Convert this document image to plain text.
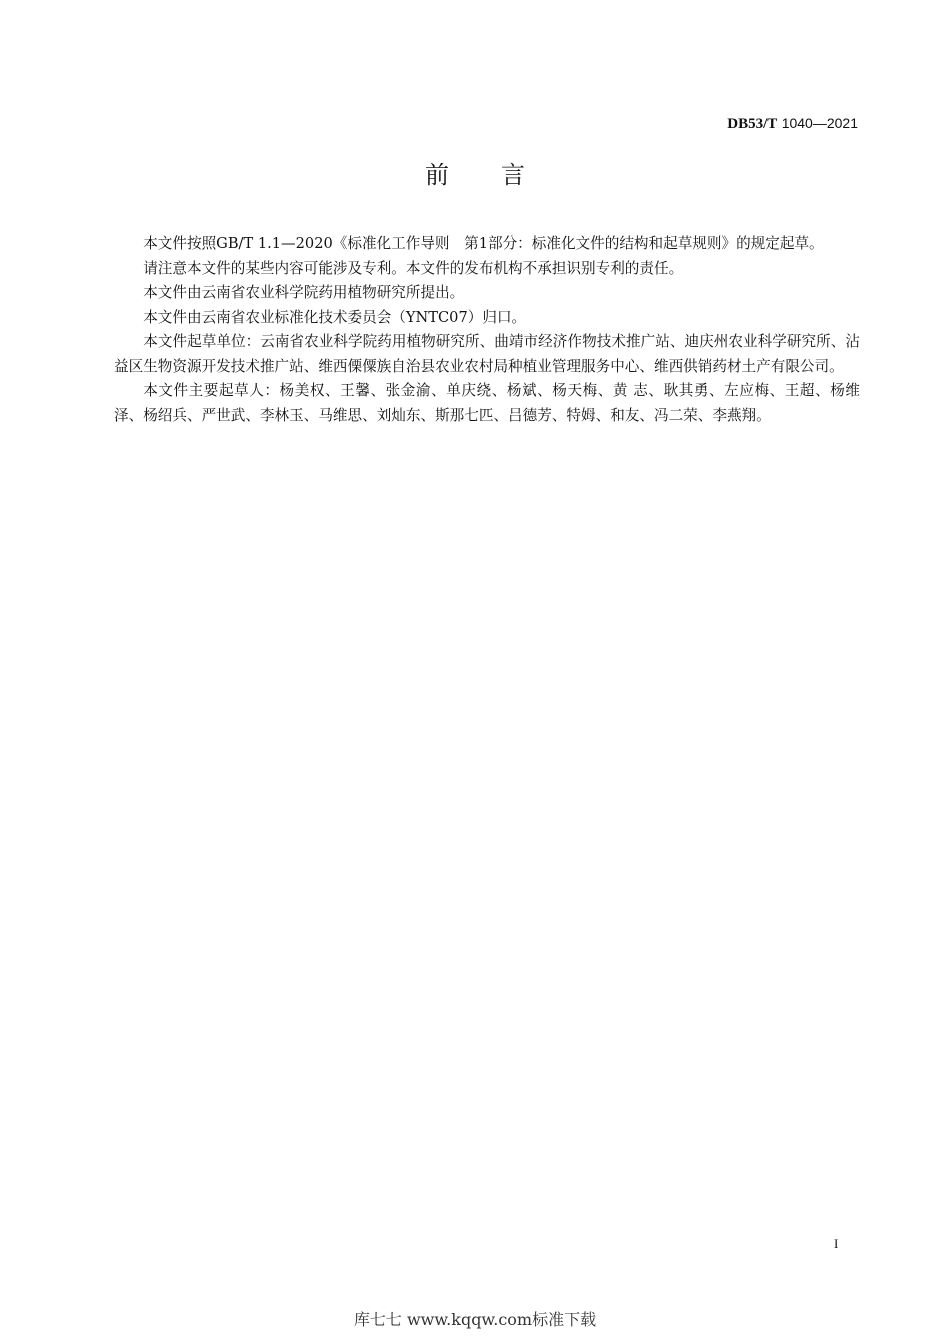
DB53/T 1040—2021
前言

本文件按照GB/T 1.1—2020《标准化工作导则　第1部分：标准化文件的结构和起草规则》的规定起草。

请注意本文件的某些内容可能涉及专利。本文件的发布机构不承担识别专利的责任。

本文件由云南省农业科学院药用植物研究所提出。

本文件由云南省农业标准化技术委员会（YNTC07）归口。

本文件起草单位：云南省农业科学院药用植物研究所、曲靖市经济作物技术推广站、迪庆州农业科学研究所、沾益区生物资源开发技术推广站、维西傈僳族自治县农业农村局种植业管理服务中心、维西供销药材土产有限公司。

本文件主要起草人：杨美权、王馨、张金渝、单庆绕、杨斌、杨天梅、黄 志、耿其勇、左应梅、王超、杨维泽、杨绍兵、严世武、李林玉、马维思、刘灿东、斯那七匹、吕德芳、特姆、和友、冯二荣、李燕翔。

I
库七七 www.kqqw.com标准下载
